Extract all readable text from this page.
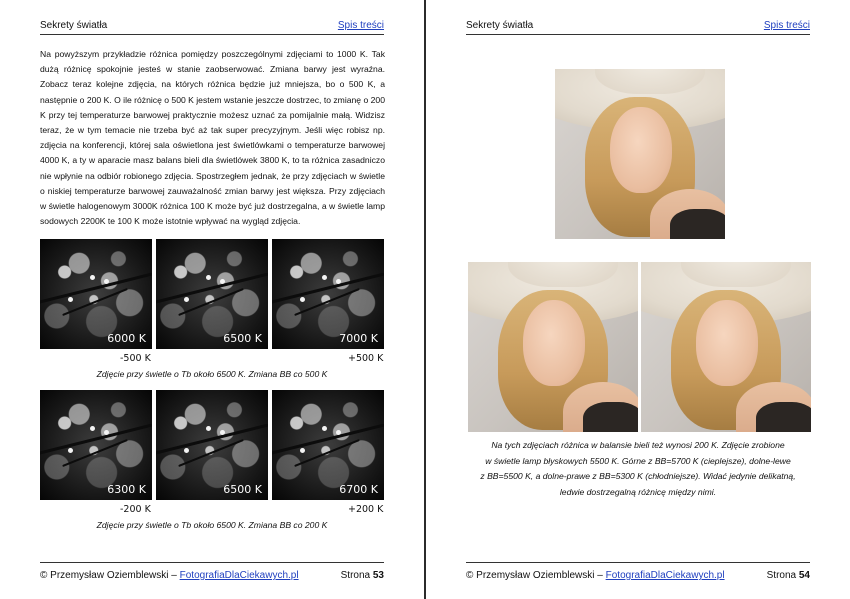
Sekrety światła	Spis treści
Na powyższym przykładzie różnica pomiędzy poszczególnymi zdjęciami to 1000 K. Tak dużą różnicę spokojnie jesteś w stanie zaobserwować. Zmiana barwy jest wyraźna. Zobacz teraz kolejne zdjęcia, na których różnica będzie już mniejsza, bo o 500 K, a następnie o 200 K. O ile różnicę o 500 K jestem wstanie jeszcze dostrzec, to zmianę o 200 K przy tej temperaturze barwowej praktycznie możesz uznać za pomijalnie małą. Widzisz teraz, że w tym temacie nie trzeba być aż tak super precyzyjnym. Jeśli więc robisz np. zdjęcia na konferencji, której sala oświetlona jest świetlówkami o temperaturze barwowej 4000 K, a ty w aparacie masz balans bieli dla świetlówek 3800 K, to ta różnica zasadniczo nie wpłynie na odbiór robionego zdjęcia. Spostrzegłem jednak, że przy zdjęciach w świetle o niskiej temperaturze barwowej zauważalność zmian barwy jest większa. Przy zdjęciach w świetle halogenowym 3000K różnica 100 K może być już dostrzegalna, a w świetle lamp sodowych 2200K te 100 K może istotnie wpływać na wygląd zdjęcia.
6000 K	6500 K	7000 K
-500 K	+500 K
Zdjęcie przy świetle o Tb około 6500 K. Zmiana BB co 500 K
6300 K	6500 K	6700 K
-200 K	+200 K
Zdjęcie przy świetle o Tb około 6500 K. Zmiana BB co 200 K
© Przemysław Oziemblewski – FotografiaDlaCiekawych.pl	Strona 53
Sekrety światła	Spis treści
Na tych zdjęciach różnica w balansie bieli też wynosi 200 K. Zdjęcie zrobione
w świetle lamp błyskowych 5500 K. Górne z BB=5700 K (cieplejsze), dolne-lewe
z BB=5500 K, a dolne-prawe z BB=5300 K (chłodniejsze). Widać jedynie delikatną,
ledwie dostrzegalną różnicę między nimi.
© Przemysław Oziemblewski – FotografiaDlaCiekawych.pl	Strona 54
